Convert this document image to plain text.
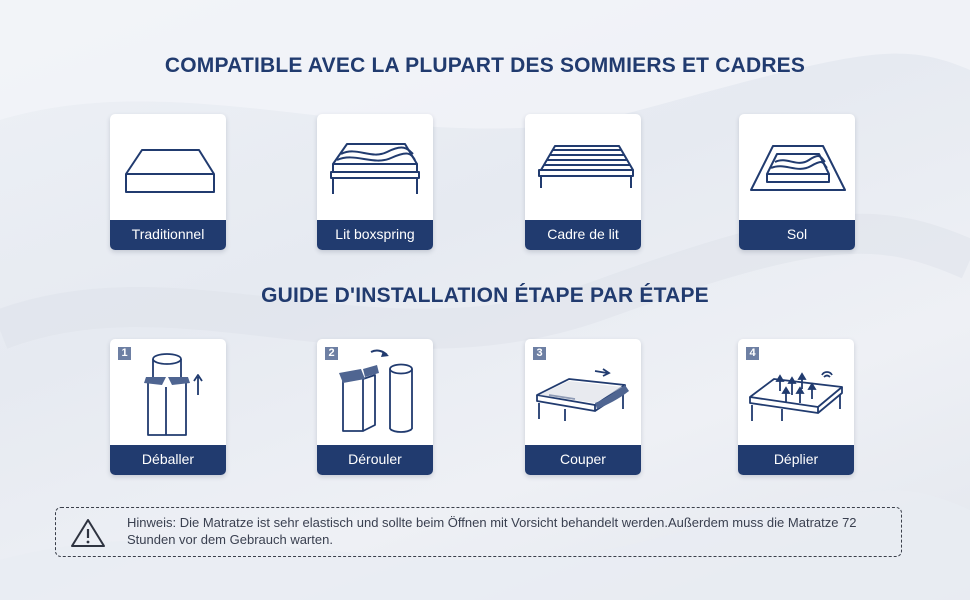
COMPATIBLE AVEC LA PLUPART DES SOMMIERS ET CADRES
Traditionnel	Lit boxspring	Cadre de lit	Sol
GUIDE D'INSTALLATION ÉTAPE PAR ÉTAPE
1
Déballer
2
Dérouler
3
Couper
4
Déplier
Hinweis: Die Matratze ist sehr elastisch und sollte beim Öffnen mit Vorsicht behandelt werden.Außerdem muss die Matratze 72 Stunden vor dem Gebrauch warten.
